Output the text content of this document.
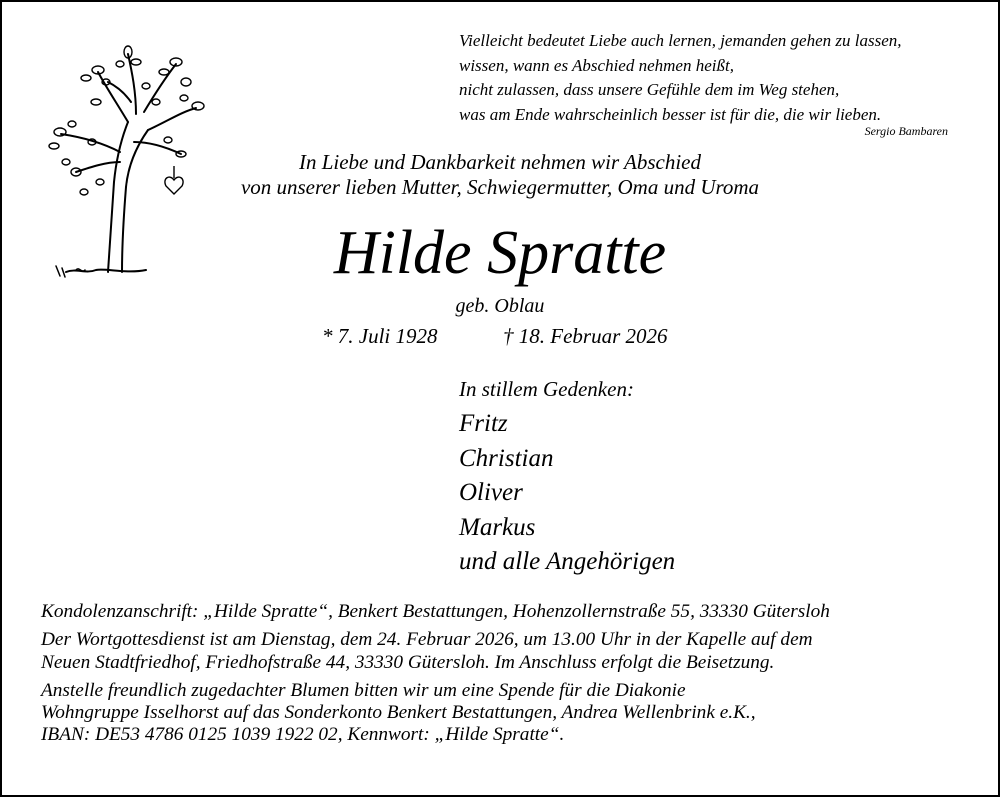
Vielleicht bedeutet Liebe auch lernen, jemanden gehen zu lassen,
wissen, wann es Abschied nehmen heißt,
nicht zulassen, dass unsere Gefühle dem im Weg stehen,
was am Ende wahrscheinlich besser ist für die, die wir lieben.
Sergio Bambaren
In Liebe und Dankbarkeit nehmen wir Abschied
von unserer lieben Mutter, Schwiegermutter, Oma und Uroma
Hilde Spratte
geb. Oblau
* 7. Juli 1928	† 18. Februar 2026
In stillem Gedenken:
Fritz
Christian
Oliver
Markus
und alle Angehörigen
Kondolenzanschrift: „Hilde Spratte“, Benkert Bestattungen, Hohenzollernstraße 55, 33330 Gütersloh
Der Wortgottesdienst ist am Dienstag, dem 24. Februar 2026, um 13.00 Uhr in der Kapelle auf dem
Neuen Stadtfriedhof, Friedhofstraße 44, 33330 Gütersloh. Im Anschluss erfolgt die Beisetzung.
Anstelle freundlich zugedachter Blumen bitten wir um eine Spende für die Diakonie
Wohngruppe Isselhorst auf das Sonderkonto Benkert Bestattungen, Andrea Wellenbrink e.K.,
IBAN: DE53 4786 0125 1039 1922 02, Kennwort: „Hilde Spratte“.
